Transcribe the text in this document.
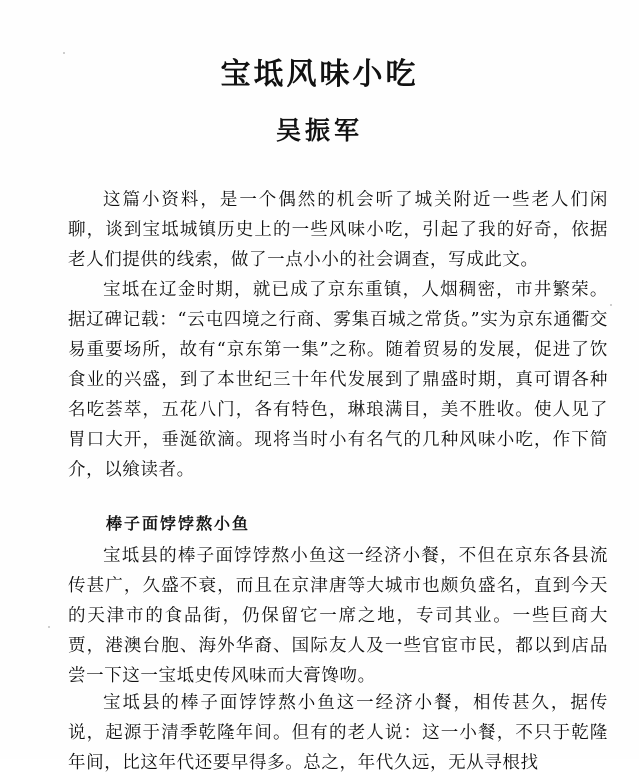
宝坻风味小吃
吴振军

这篇小资料，是一个偶然的机会听了城关附近一些老人们闲聊，谈到宝坻城镇历史上的一些风味小吃，引起了我的好奇，依据老人们提供的线索，做了一点小小的社会调查，写成此文。

宝坻在辽金时期，就已成了京东重镇，人烟稠密，市井繁荣。据辽碑记载：“云屯四境之行商、雾集百城之常货。”实为京东通衢交易重要场所，故有“京东第一集”之称。随着贸易的发展，促进了饮食业的兴盛，到了本世纪三十年代发展到了鼎盛时期，真可谓各种名吃荟萃，五花八门，各有特色，琳琅满目，美不胜收。使人见了胃口大开，垂涎欲滴。现将当时小有名气的几种风味小吃，作下简介，以飨读者。

棒子面饽饽熬小鱼

宝坻县的棒子面饽饽熬小鱼这一经济小餐，不但在京东各县流传甚广，久盛不衰，而且在京津唐等大城市也颇负盛名，直到今天的天津市的食品街，仍保留它一席之地，专司其业。一些巨商大贾，港澳台胞、海外华裔、国际友人及一些官宦市民，都以到店品尝一下这一宝坻史传风味而大膏馋吻。

宝坻县的棒子面饽饽熬小鱼这一经济小餐，相传甚久，据传说，起源于清季乾隆年间。但有的老人说：这一小餐，不只于乾隆年间，比这年代还要早得多。总之，年代久远，无从寻根找
